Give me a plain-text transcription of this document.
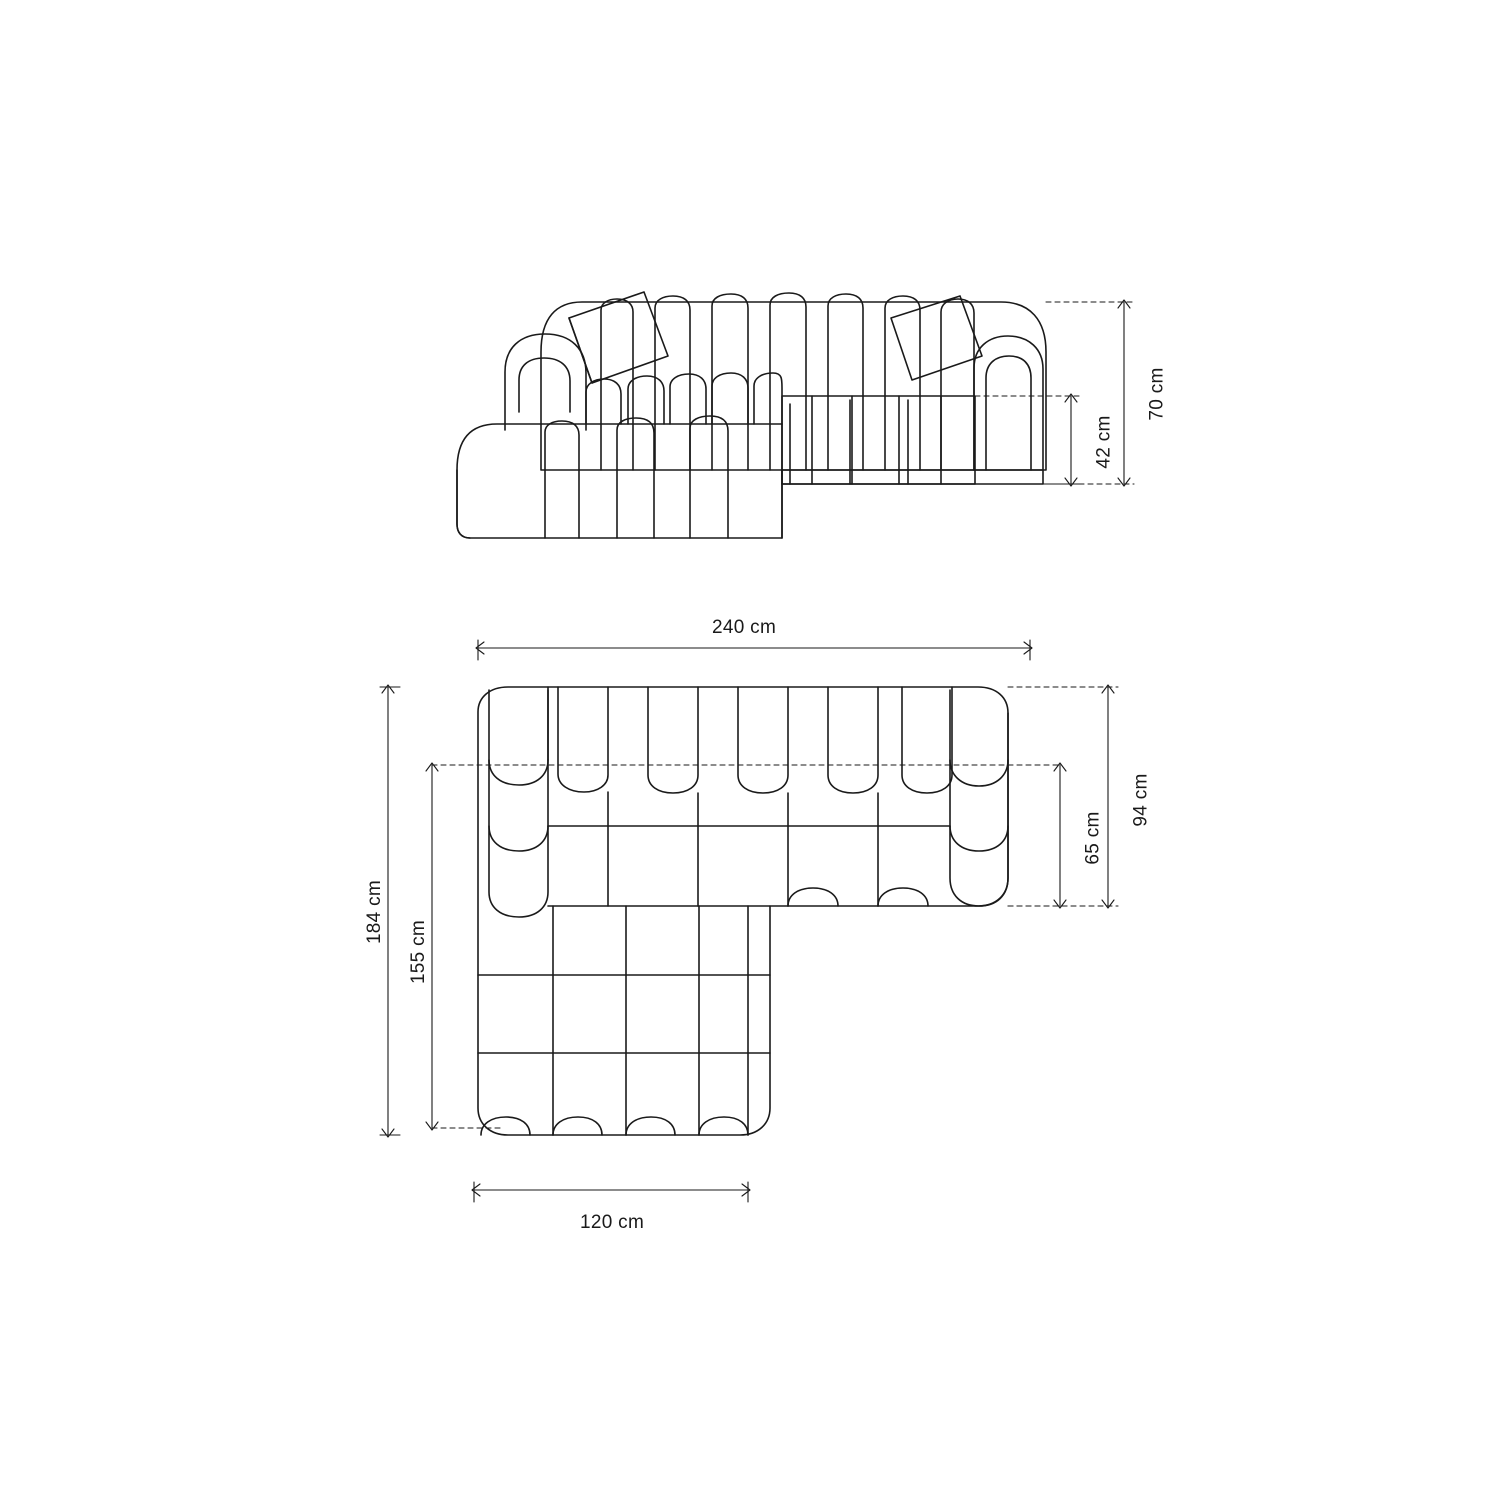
70 cm
42 cm
240 cm
184 cm
155 cm
94 cm
65 cm
120 cm
